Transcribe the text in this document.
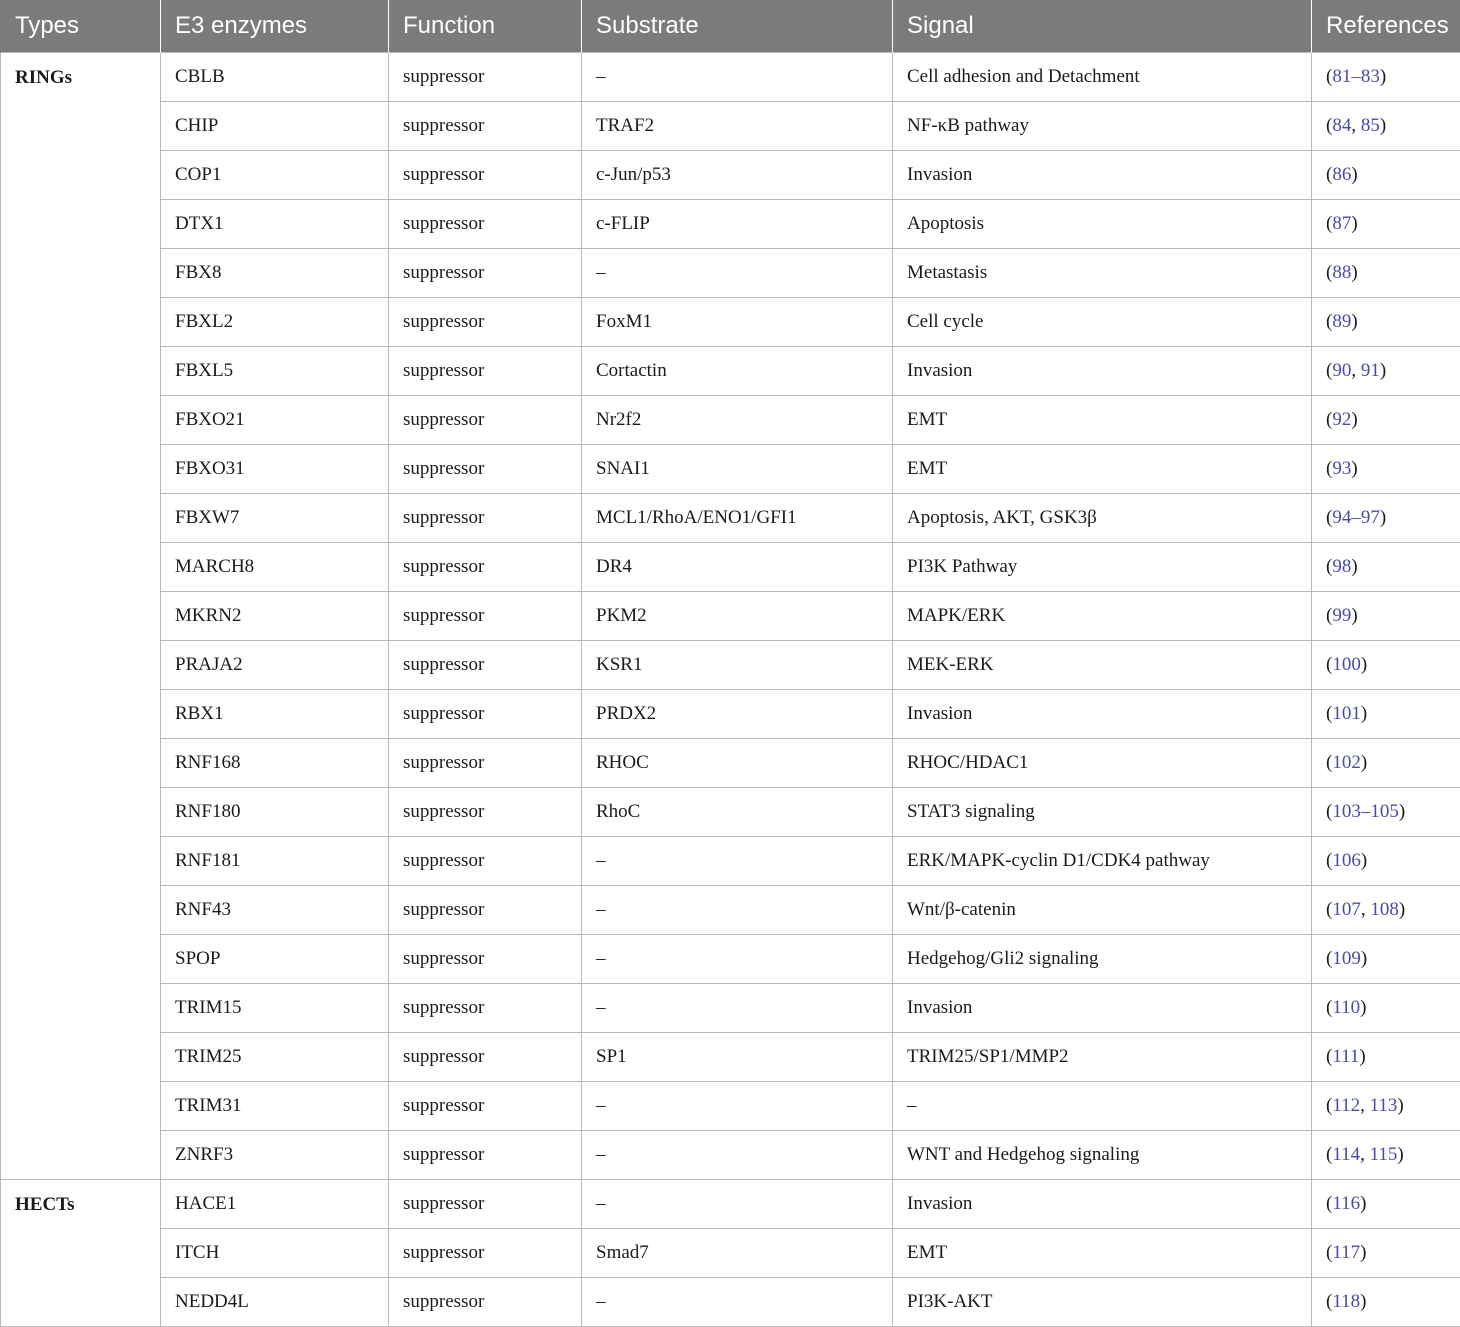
Types	E3 enzymes	Function	Substrate	Signal	References
RINGs	CBLB	suppressor	–	Cell adhesion and Detachment	(81–83)
	CHIP	suppressor	TRAF2	NF-κB pathway	(84, 85)
	COP1	suppressor	c-Jun/p53	Invasion	(86)
	DTX1	suppressor	c-FLIP	Apoptosis	(87)
	FBX8	suppressor	–	Metastasis	(88)
	FBXL2	suppressor	FoxM1	Cell cycle	(89)
	FBXL5	suppressor	Cortactin	Invasion	(90, 91)
	FBXO21	suppressor	Nr2f2	EMT	(92)
	FBXO31	suppressor	SNAI1	EMT	(93)
	FBXW7	suppressor	MCL1/RhoA/ENO1/GFI1	Apoptosis, AKT, GSK3β	(94–97)
	MARCH8	suppressor	DR4	PI3K Pathway	(98)
	MKRN2	suppressor	PKM2	MAPK/ERK	(99)
	PRAJA2	suppressor	KSR1	MEK-ERK	(100)
	RBX1	suppressor	PRDX2	Invasion	(101)
	RNF168	suppressor	RHOC	RHOC/HDAC1	(102)
	RNF180	suppressor	RhoC	STAT3 signaling	(103–105)
	RNF181	suppressor	–	ERK/MAPK-cyclin D1/CDK4 pathway	(106)
	RNF43	suppressor	–	Wnt/β-catenin	(107, 108)
	SPOP	suppressor	–	Hedgehog/Gli2 signaling	(109)
	TRIM15	suppressor	–	Invasion	(110)
	TRIM25	suppressor	SP1	TRIM25/SP1/MMP2	(111)
	TRIM31	suppressor	–	–	(112, 113)
	ZNRF3	suppressor	–	WNT and Hedgehog signaling	(114, 115)
HECTs	HACE1	suppressor	–	Invasion	(116)
	ITCH	suppressor	Smad7	EMT	(117)
	NEDD4L	suppressor	–	PI3K-AKT	(118)
